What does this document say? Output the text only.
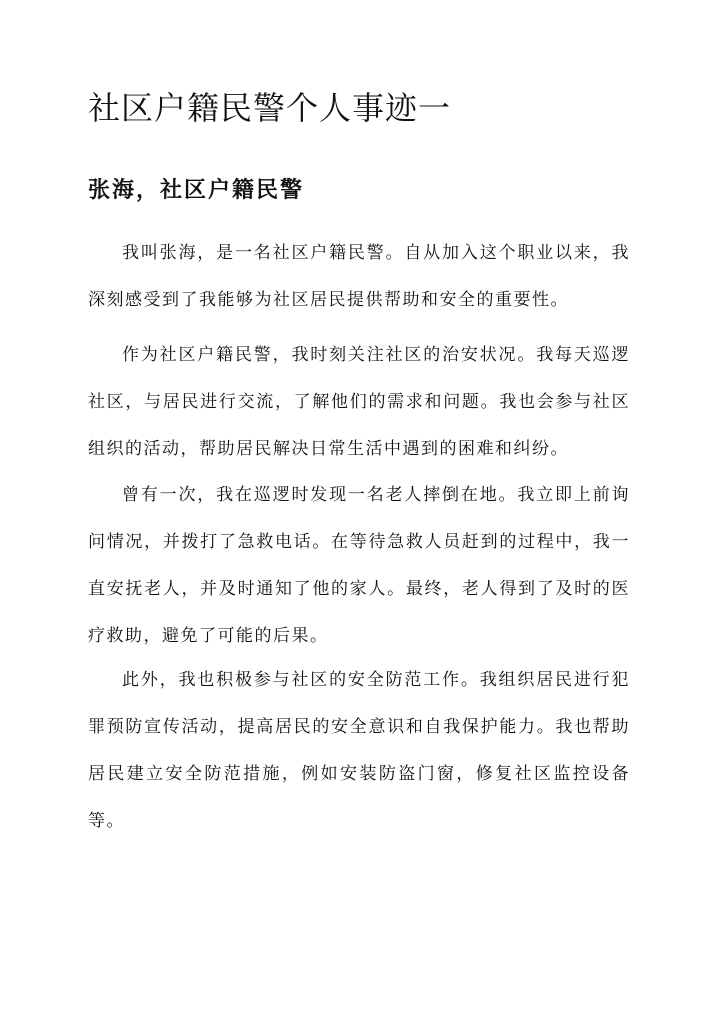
社区户籍民警个人事迹一
张海，社区户籍民警

我叫张海，是一名社区户籍民警。自从加入这个职业以来，我深刻感受到了我能够为社区居民提供帮助和安全的重要性。

作为社区户籍民警，我时刻关注社区的治安状况。我每天巡逻社区，与居民进行交流，了解他们的需求和问题。我也会参与社区组织的活动，帮助居民解决日常生活中遇到的困难和纠纷。

曾有一次，我在巡逻时发现一名老人摔倒在地。我立即上前询问情况，并拨打了急救电话。在等待急救人员赶到的过程中，我一直安抚老人，并及时通知了他的家人。最终，老人得到了及时的医疗救助，避免了可能的后果。

此外，我也积极参与社区的安全防范工作。我组织居民进行犯罪预防宣传活动，提高居民的安全意识和自我保护能力。我也帮助居民建立安全防范措施，例如安装防盗门窗，修复社区监控设备等。
